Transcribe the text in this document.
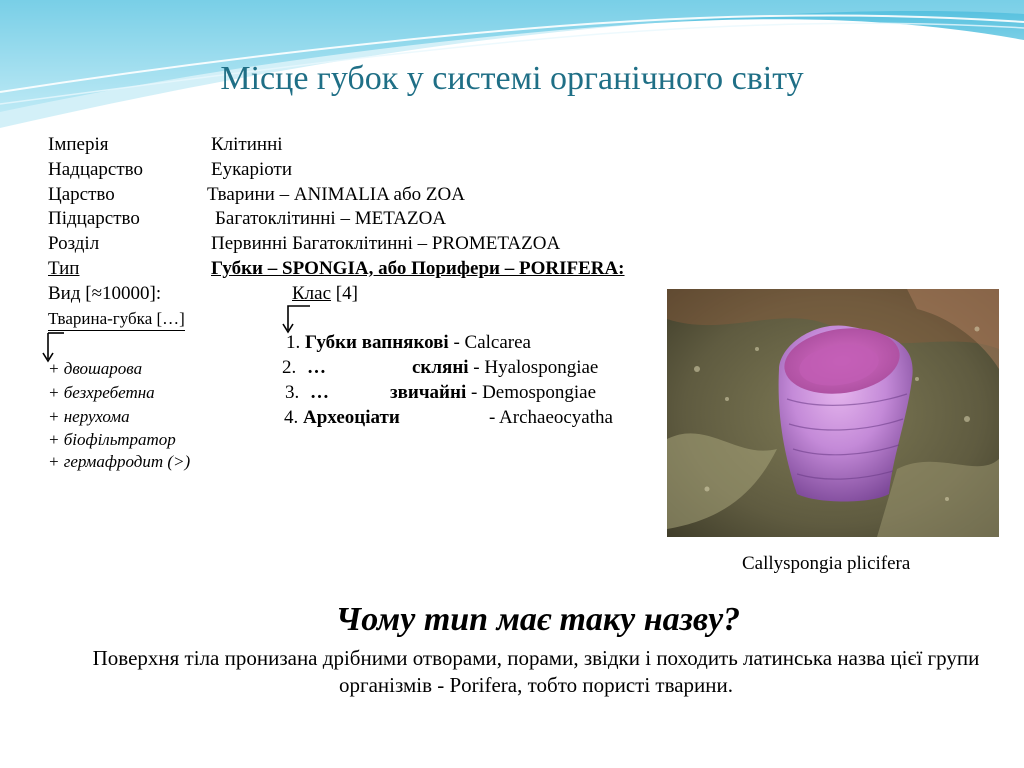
Місце губок у системі органічного світу
Імперія	Клітинні
Надцарство	Еукаріоти
Царство	Тварини – ANIMALIA або ZOA
Підцарство	Багатоклітинні – METAZOA
Розділ	Первинні Багатоклітинні – PROMETAZOA
Тип	Губки – SPONGIA, або Порифери – PORIFERA:
Вид [≈10000]:	Клас [4]
Тварина-губка […]
+ двошарова
+ безхребетна
+ нерухома
+ біофільтратор
+ гермафродит (>)
1. Губки вапнякові - Calcarea
2. …	скляні - Hyalospongiae
3. …	звичайні - Demospongiae
4. Археоціати	- Archaeocyatha
Callyspongia plicifera
Чому тип має таку назву?
Поверхня тіла пронизана дрібними отворами, порами, звідки і походить латинська назва цієї групи організмів - Porifera, тобто пористі тварини.
